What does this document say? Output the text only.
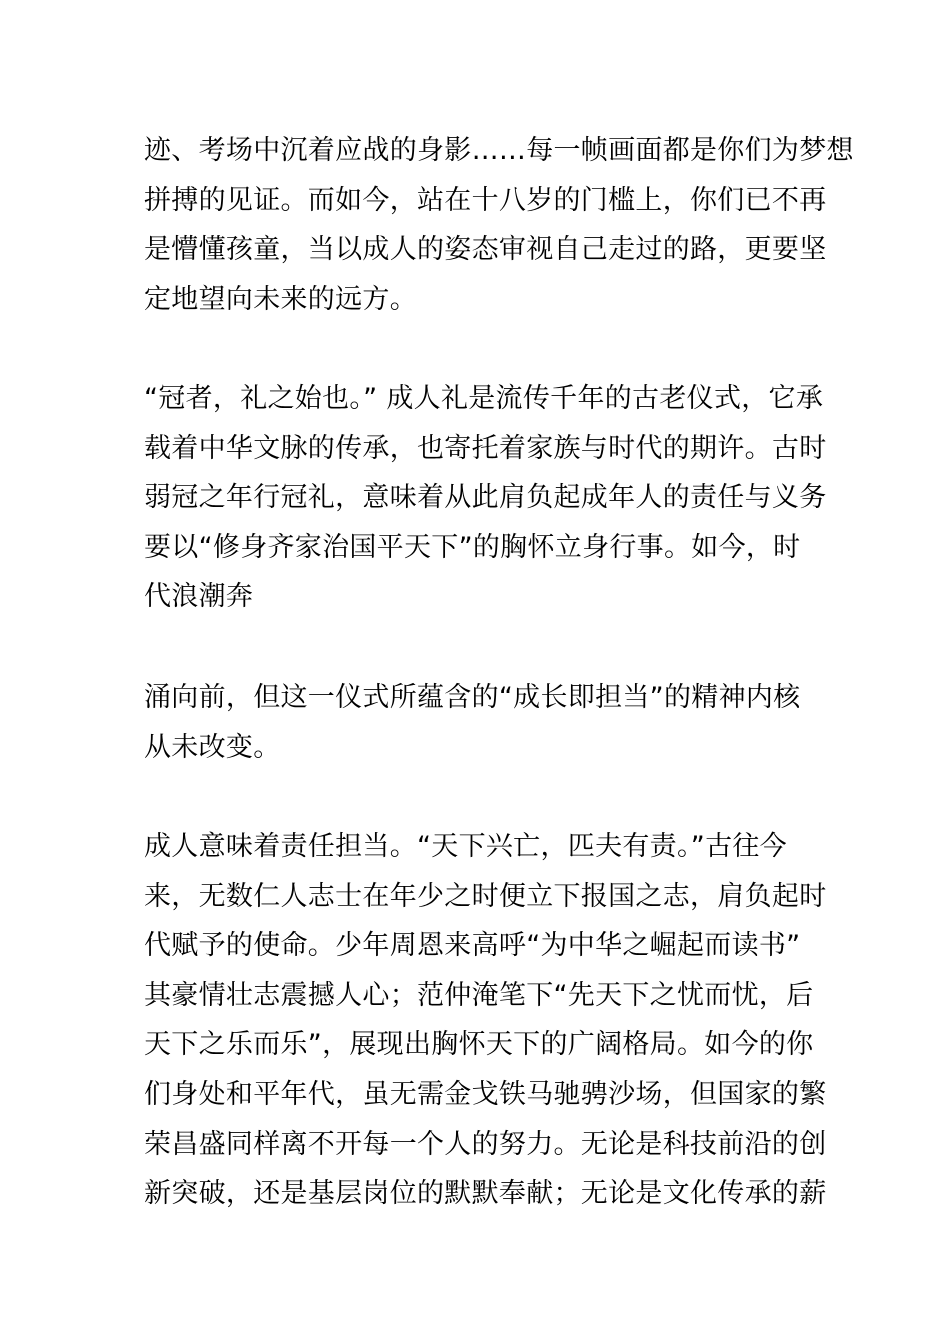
迹、考场中沉着应战的身影……每一帧画面都是你们为梦想
拼搏的见证。而如今，站在十八岁的门槛上，你们已不再
是懵懂孩童，当以成人的姿态审视自己走过的路，更要坚
定地望向未来的远方。
“冠者，礼之始也。” 成人礼是流传千年的古老仪式，它承
载着中华文脉的传承，也寄托着家族与时代的期许。古时
弱冠之年行冠礼，意味着从此肩负起成年人的责任与义务
要以“修身齐家治国平天下”的胸怀立身行事。如今，时
代浪潮奔
涌向前，但这一仪式所蕴含的“成长即担当”的精神内核
从未改变。
成人意味着责任担当。“天下兴亡，匹夫有责。”古往今
来，无数仁人志士在年少之时便立下报国之志，肩负起时
代赋予的使命。少年周恩来高呼“为中华之崛起而读书”
其豪情壮志震撼人心；范仲淹笔下“先天下之忧而忧，后
天下之乐而乐”，展现出胸怀天下的广阔格局。如今的你
们身处和平年代，虽无需金戈铁马驰骋沙场，但国家的繁
荣昌盛同样离不开每一个人的努力。无论是科技前沿的创
新突破，还是基层岗位的默默奉献；无论是文化传承的薪
